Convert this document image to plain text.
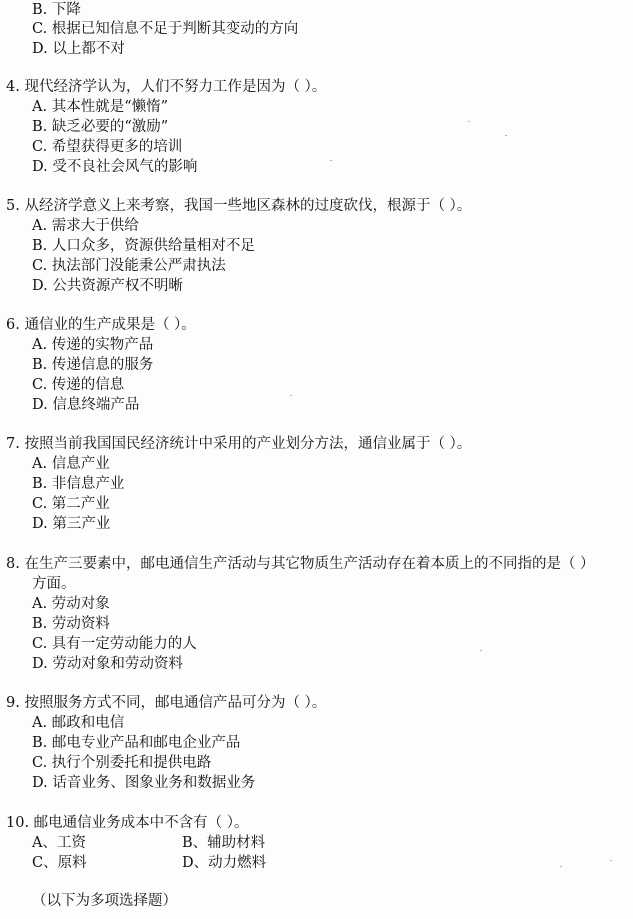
B. 下降
C. 根据已知信息不足于判断其变动的方向
D. 以上都不对
4. 现代经济学认为，人们不努力工作是因为（ ）。
A. 其本性就是“懒惰”
B. 缺乏必要的“激励”
C. 希望获得更多的培训
D. 受不良社会风气的影响
5. 从经济学意义上来考察，我国一些地区森林的过度砍伐，根源于（ ）。
A. 需求大于供给
B. 人口众多，资源供给量相对不足
C. 执法部门没能秉公严肃执法
D. 公共资源产权不明晰
6. 通信业的生产成果是（ ）。
A. 传递的实物产品
B. 传递信息的服务
C. 传递的信息
D. 信息终端产品
7. 按照当前我国国民经济统计中采用的产业划分方法，通信业属于（ ）。
A. 信息产业
B. 非信息产业
C. 第二产业
D. 第三产业
8. 在生产三要素中，邮电通信生产活动与其它物质生产活动存在着本质上的不同指的是（ ）
方面。
A. 劳动对象
B. 劳动资料
C. 具有一定劳动能力的人
D. 劳动对象和劳动资料
9. 按照服务方式不同，邮电通信产品可分为（ ）。
A. 邮政和电信
B. 邮电专业产品和邮电企业产品
C. 执行个别委托和提供电路
D. 话音业务、图象业务和数据业务
10. 邮电通信业务成本中不含有（ ）。
A、工资	B、辅助材料
C、原料	D、动力燃料
（以下为多项选择题）
